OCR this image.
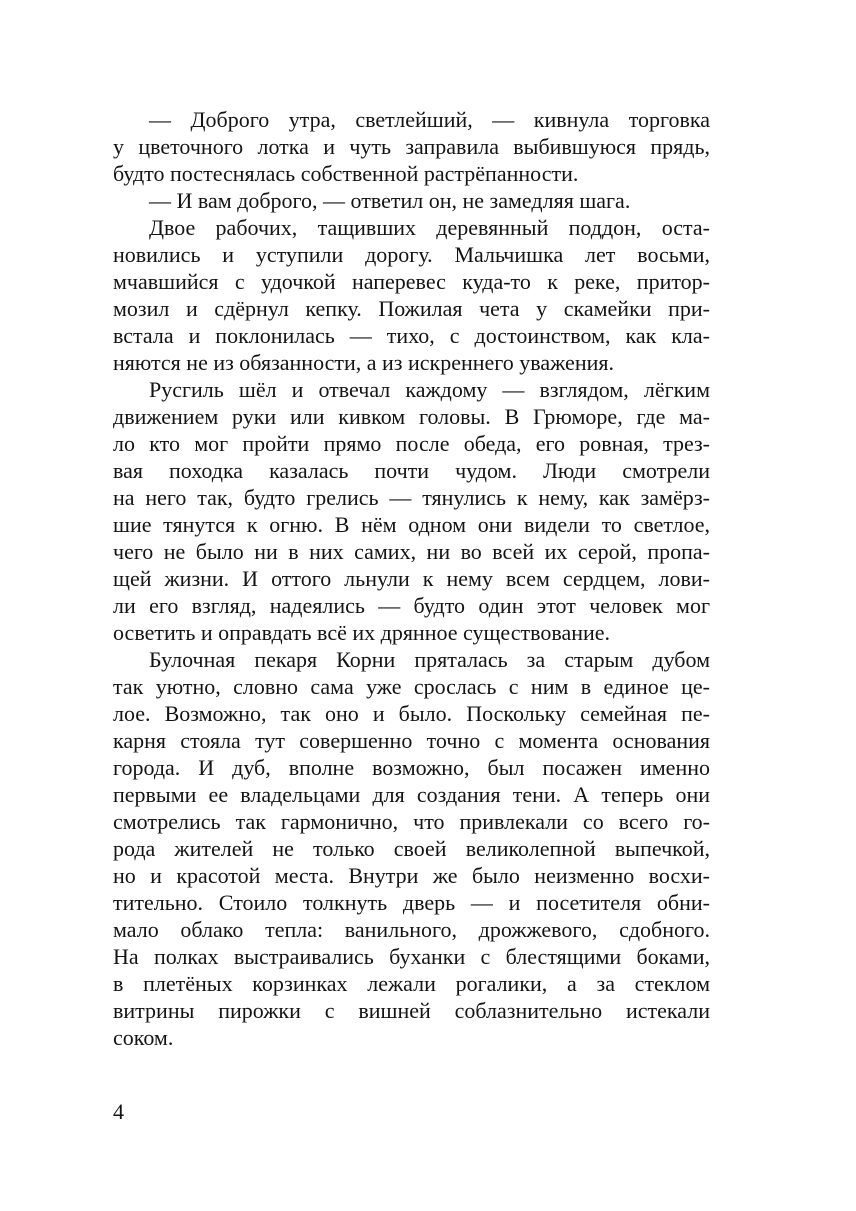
— Доброго утра, светлейший, — кивнула торговка
у цветочного лотка и чуть заправила выбившуюся прядь,
будто постеснялась собственной растрёпанности.
— И вам доброго, — ответил он, не замедляя шага.
Двое рабочих, тащивших деревянный поддон, оста-
новились и уступили дорогу. Мальчишка лет восьми,
мчавшийся с удочкой наперевес куда-то к реке, притор-
мозил и сдёрнул кепку. Пожилая чета у скамейки при-
встала и поклонилась — тихо, с достоинством, как кла-
няются не из обязанности, а из искреннего уважения.
Русгиль шёл и отвечал каждому — взглядом, лёгким
движением руки или кивком головы. В Грюморе, где ма-
ло кто мог пройти прямо после обеда, его ровная, трез-
вая походка казалась почти чудом. Люди смотрели
на него так, будто грелись — тянулись к нему, как замёрз-
шие тянутся к огню. В нём одном они видели то светлое,
чего не было ни в них самих, ни во всей их серой, пропа-
щей жизни. И оттого льнули к нему всем сердцем, лови-
ли его взгляд, надеялись — будто один этот человек мог
осветить и оправдать всё их дрянное существование.
Булочная пекаря Корни пряталась за старым дубом
так уютно, словно сама уже срослась с ним в единое це-
лое. Возможно, так оно и было. Поскольку семейная пе-
карня стояла тут совершенно точно с момента основания
города. И дуб, вполне возможно, был посажен именно
первыми ее владельцами для создания тени. А теперь они
смотрелись так гармонично, что привлекали со всего го-
рода жителей не только своей великолепной выпечкой,
но и красотой места. Внутри же было неизменно восхи-
тительно. Стоило толкнуть дверь — и посетителя обни-
мало облако тепла: ванильного, дрожжевого, сдобного.
На полках выстраивались буханки с блестящими боками,
в плетёных корзинках лежали рогалики, а за стеклом
витрины пирожки с вишней соблазнительно истекали
соком.
4
